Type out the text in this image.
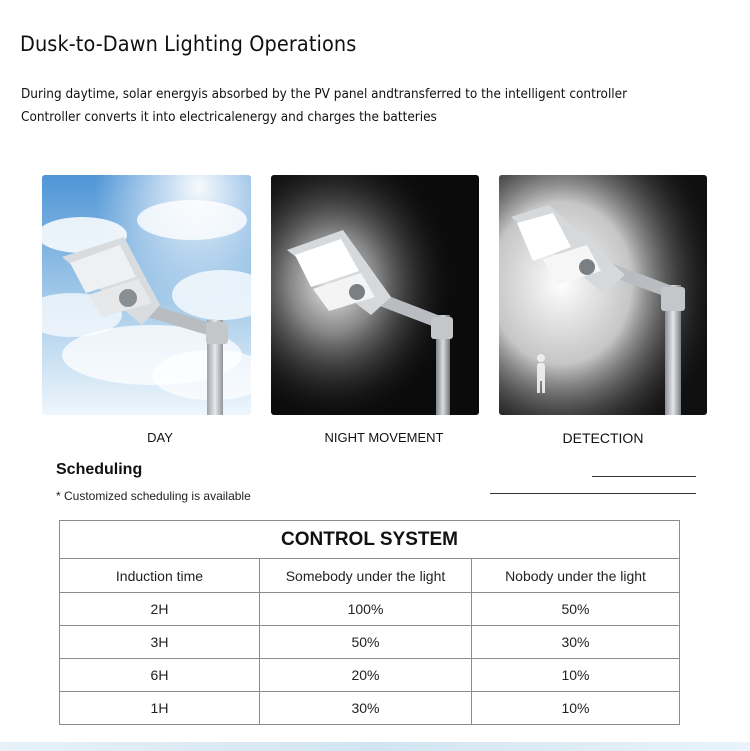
Dusk-to-Dawn Lighting Operations
During daytime, solar energyis absorbed by the PV panel andtransferred to the intelligent controller
Controller converts it into electricalenergy and charges the batteries
DAY	NIGHT MOVEMENT	DETECTION
Scheduling
* Customized scheduling is available
CONTROL SYSTEM		
Induction time	Somebody under the light	Nobody under the light
2H	100%	50%
3H	50%	30%
6H	20%	10%
1H	30%	10%
